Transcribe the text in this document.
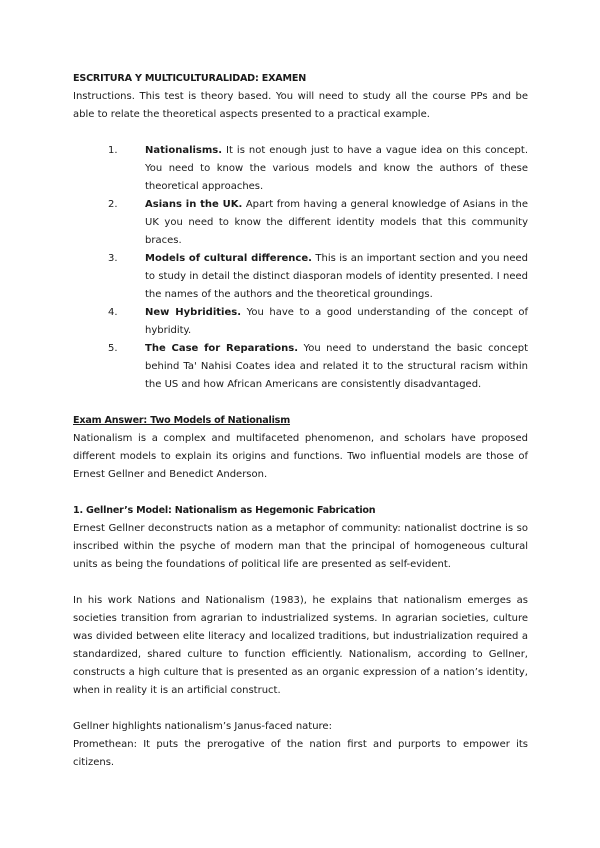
ESCRITURA Y MULTICULTURALIDAD: EXAMEN

Instructions. This test is theory based. You will need to study all the course PPs and be able to relate the theoretical aspects presented to a practical example.

1.	Nationalisms. It is not enough just to have a vague idea on this concept. You need to know the various models and know the authors of these theoretical approaches.
2.	Asians in the UK. Apart from having a general knowledge of Asians in the UK you need to know the different identity models that this community braces.
3.	Models of cultural difference. This is an important section and you need to study in detail the distinct diasporan models of identity presented. I need the names of the authors and the theoretical groundings.
4.	New Hybridities. You have to a good understanding of the concept of hybridity.
5.	The Case for Reparations. You need to understand the basic concept behind Ta' Nahisi Coates idea and related it to the structural racism within the US and how African Americans are consistently disadvantaged.

Exam Answer: Two Models of Nationalism

Nationalism is a complex and multifaceted phenomenon, and scholars have proposed different models to explain its origins and functions. Two influential models are those of Ernest Gellner and Benedict Anderson.

1. Gellner’s Model: Nationalism as Hegemonic Fabrication

Ernest Gellner deconstructs nation as a metaphor of community: nationalist doctrine is so inscribed within the psyche of modern man that the principal of homogeneous cultural units as being the foundations of political life are presented as self-evident.

In his work Nations and Nationalism (1983), he explains that nationalism emerges as societies transition from agrarian to industrialized systems. In agrarian societies, culture was divided between elite literacy and localized traditions, but industrialization required a standardized, shared culture to function efficiently. Nationalism, according to Gellner, constructs a high culture that is presented as an organic expression of a nation’s identity, when in reality it is an artificial construct.

Gellner highlights nationalism’s Janus-faced nature:

Promethean: It puts the prerogative of the nation first and purports to empower its citizens.
